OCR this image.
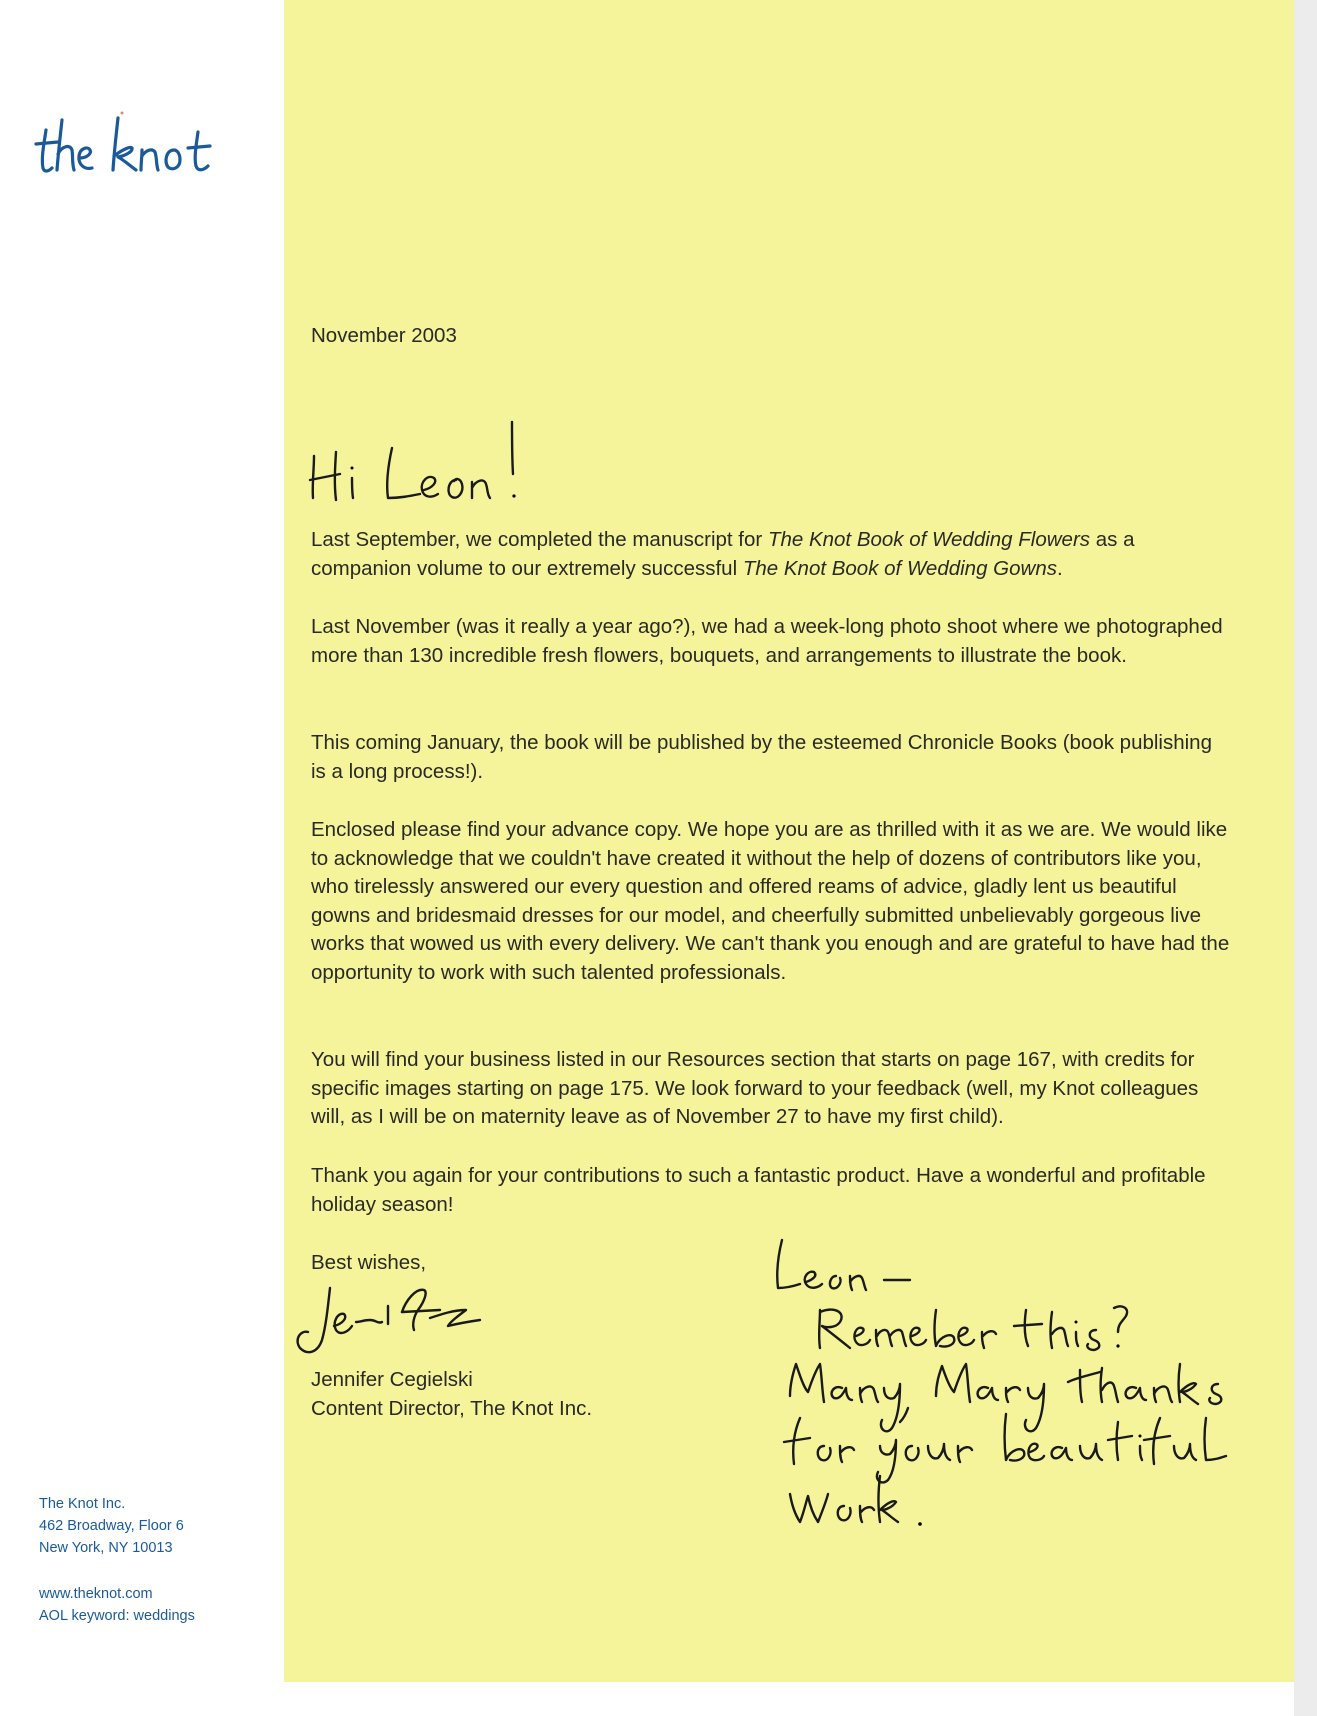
The Knot Inc.

462 Broadway, Floor 6

New York, NY 10013

www.theknot.com

AOL keyword: weddings

November 2003

Last September, we completed the manuscript for The Knot Book of Wedding Flowers as a companion volume to our extremely successful The Knot Book of Wedding Gowns.

Last November (was it really a year ago?), we had a week-long photo shoot where we photographed more than 130 incredible fresh flowers, bouquets, and arrangements to illustrate the book.

This coming January, the book will be published by the esteemed Chronicle Books (book publishing is a long process!).

Enclosed please find your advance copy. We hope you are as thrilled with it as we are. We would like to acknowledge that we couldn't have created it without the help of dozens of contributors like you, who tirelessly answered our every question and offered reams of advice, gladly lent us beautiful gowns and bridesmaid dresses for our model, and cheerfully submitted unbelievably gorgeous live works that wowed us with every delivery. We can't thank you enough and are grateful to have had the opportunity to work with such talented professionals.

You will find your business listed in our Resources section that starts on page 167, with credits for specific images starting on page 175. We look forward to your feedback (well, my Knot colleagues will, as I will be on maternity leave as of November 27 to have my first child).

Thank you again for your contributions to such a fantastic product. Have a wonderful and profitable holiday season!

Best wishes,

Jennifer Cegielski

Content Director, The Knot Inc.
